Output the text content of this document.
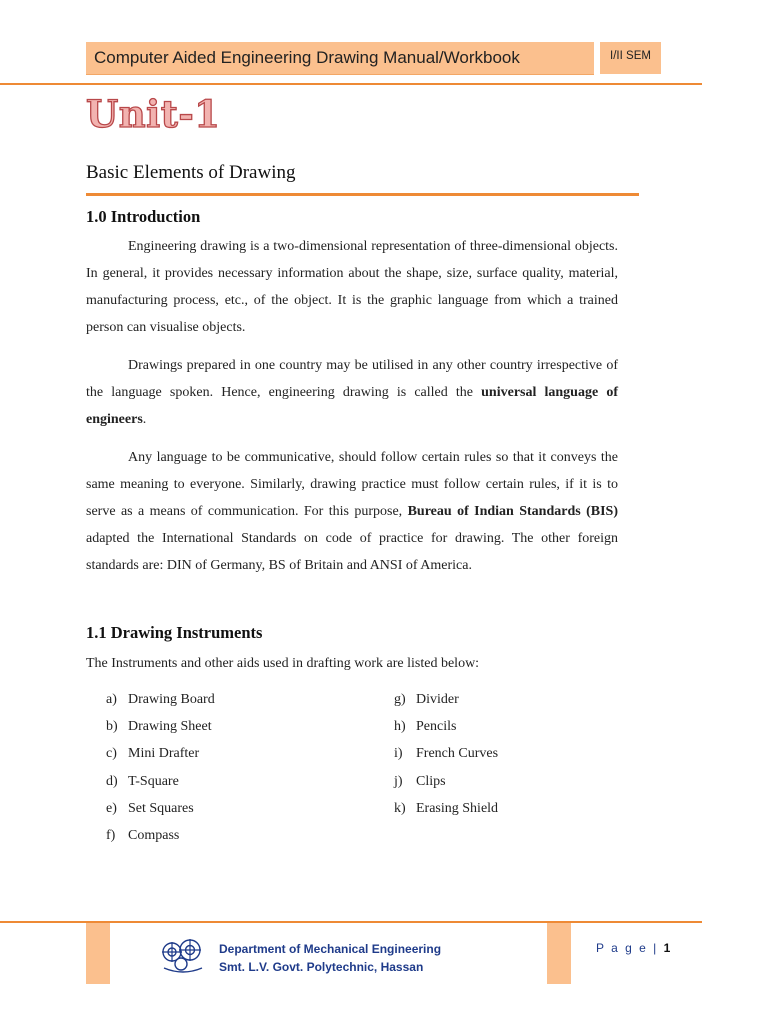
Computer Aided Engineering Drawing Manual/Workbook	I/II SEM
Unit-1
Basic Elements of Drawing
1.0 Introduction
Engineering drawing is a two-dimensional representation of three-dimensional objects. In general, it provides necessary information about the shape, size, surface quality, material, manufacturing process, etc., of the object. It is the graphic language from which a trained person can visualise objects.
Drawings prepared in one country may be utilised in any other country irrespective of the language spoken. Hence, engineering drawing is called the universal language of engineers.
Any language to be communicative, should follow certain rules so that it conveys the same meaning to everyone. Similarly, drawing practice must follow certain rules, if it is to serve as a means of communication. For this purpose, Bureau of Indian Standards (BIS) adapted the International Standards on code of practice for drawing. The other foreign standards are: DIN of Germany, BS of Britain and ANSI of America.
1.1 Drawing Instruments
The Instruments and other aids used in drafting work are listed below:
a) Drawing Board
b) Drawing Sheet
c) Mini Drafter
d) T-Square
e) Set Squares
f) Compass
g) Divider
h) Pencils
i) French Curves
j) Clips
k) Erasing Shield
Department of Mechanical Engineering
Smt. L.V. Govt. Polytechnic, Hassan
P a g e | 1
